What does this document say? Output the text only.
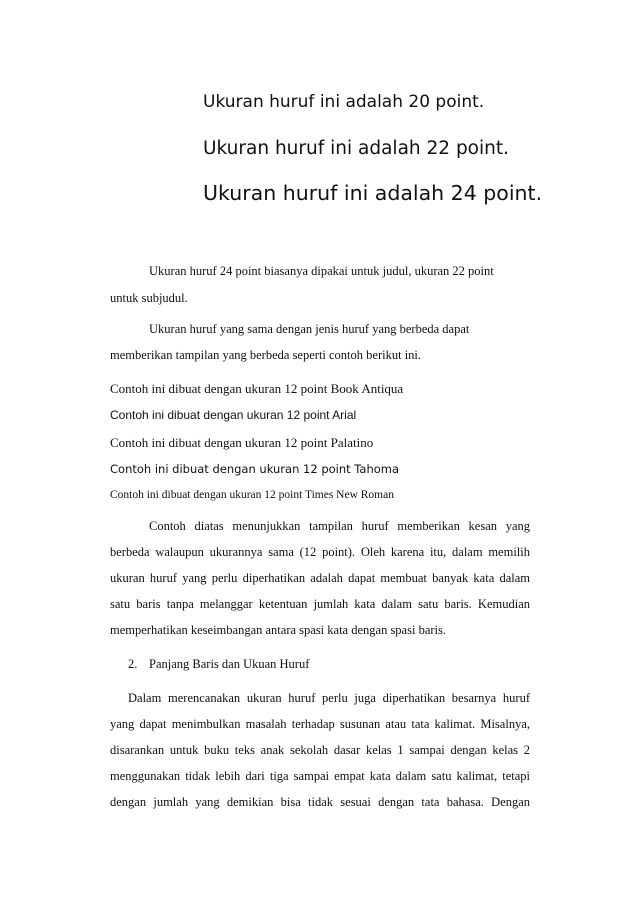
Ukuran huruf ini adalah 20 point.
Ukuran huruf ini adalah 22 point.
Ukuran huruf ini adalah 24 point.
Ukuran huruf 24 point biasanya dipakai untuk judul, ukuran 22 point
untuk subjudul.
Ukuran huruf yang sama dengan jenis huruf yang berbeda dapat
memberikan tampilan yang berbeda seperti contoh berikut ini.
Contoh ini dibuat dengan ukuran 12 point Book Antiqua
Contoh ini dibuat dengan ukuran 12 point Arial
Contoh ini dibuat dengan ukuran 12 point Palatino
Contoh ini dibuat dengan ukuran 12 point Tahoma
Contoh ini dibuat dengan ukuran 12 point Times New Roman
Contoh diatas menunjukkan tampilan huruf memberikan kesan yang
berbeda walaupun ukurannya sama (12 point). Oleh karena itu, dalam memilih
ukuran huruf yang perlu diperhatikan adalah dapat membuat banyak kata dalam
satu baris tanpa melanggar ketentuan jumlah kata dalam satu baris. Kemudian
memperhatikan keseimbangan antara spasi kata dengan spasi baris.
2. Panjang Baris dan Ukuan Huruf
Dalam merencanakan ukuran huruf perlu juga diperhatikan besarnya huruf
yang dapat menimbulkan masalah terhadap susunan atau tata kalimat. Misalnya,
disarankan untuk buku teks anak sekolah dasar kelas 1 sampai dengan kelas 2
menggunakan tidak lebih dari tiga sampai empat kata dalam satu kalimat, tetapi
dengan jumlah yang demikian bisa tidak sesuai dengan tata bahasa. Dengan
